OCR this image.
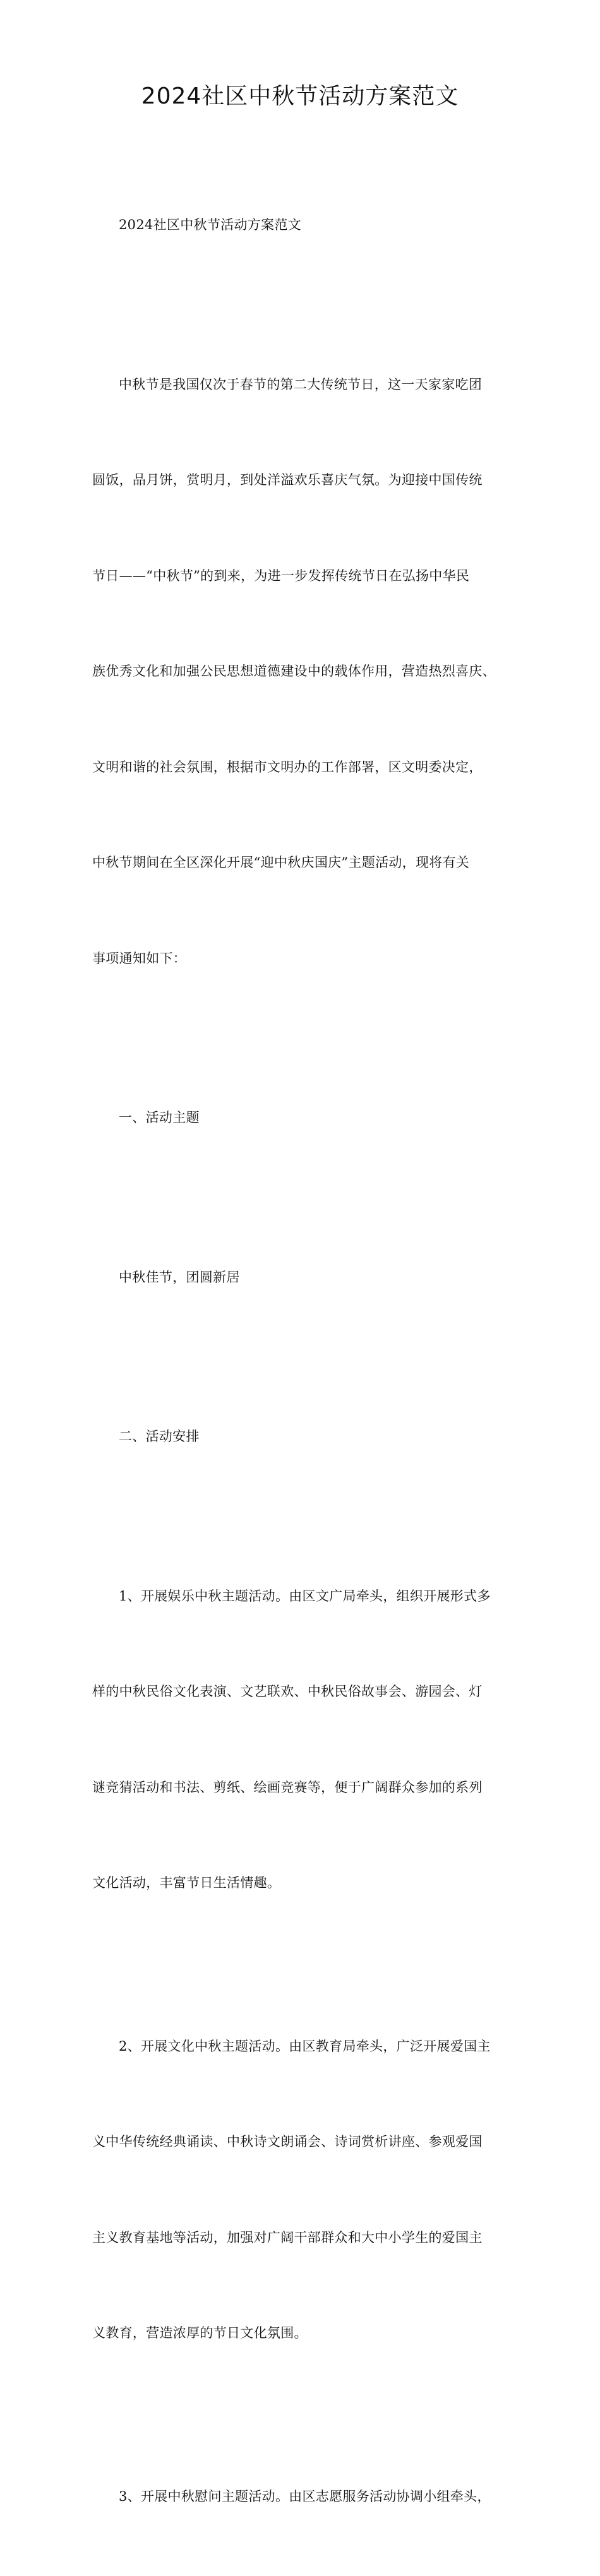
2024社区中秋节活动方案范文

2024社区中秋节活动方案范文

中秋节是我国仅次于春节的第二大传统节日，这一天家家吃团

圆饭，品月饼，赏明月，到处洋溢欢乐喜庆气氛。为迎接中国传统

节日——“中秋节”的到来，为进一步发挥传统节日在弘扬中华民

族优秀文化和加强公民思想道德建设中的载体作用，营造热烈喜庆、

文明和谐的社会氛围，根据市文明办的工作部署，区文明委决定，

中秋节期间在全区深化开展“迎中秋庆国庆”主题活动，现将有关

事项通知如下：

一、活动主题

中秋佳节，团圆新居

二、活动安排

1、开展娱乐中秋主题活动。由区文广局牵头，组织开展形式多

样的中秋民俗文化表演、文艺联欢、中秋民俗故事会、游园会、灯

谜竞猜活动和书法、剪纸、绘画竞赛等，便于广阔群众参加的系列

文化活动，丰富节日生活情趣。

2、开展文化中秋主题活动。由区教育局牵头，广泛开展爱国主

义中华传统经典诵读、中秋诗文朗诵会、诗词赏析讲座、参观爱国

主义教育基地等活动，加强对广阔干部群众和大中小学生的爱国主

义教育，营造浓厚的节日文化氛围。

3、开展中秋慰问主题活动。由区志愿服务活动协调小组牵头，
